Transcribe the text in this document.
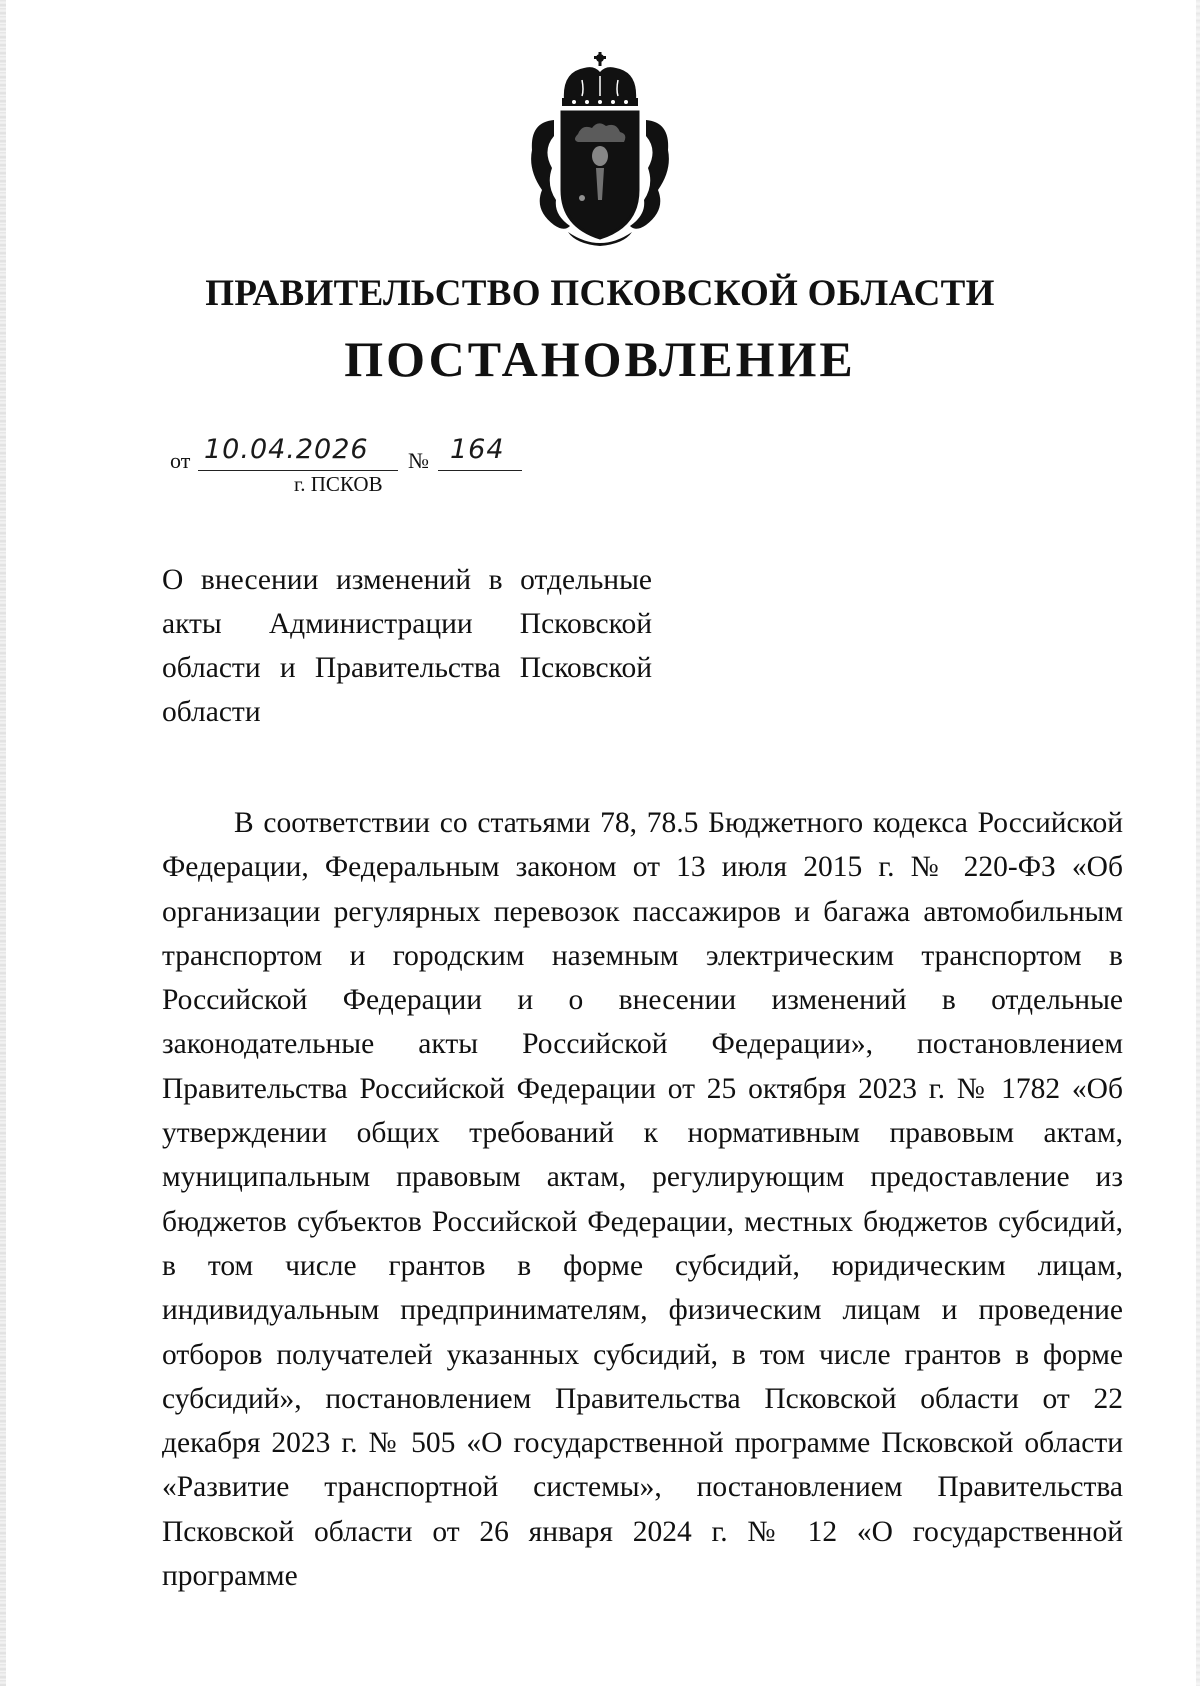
ПРАВИТЕЛЬСТВО ПСКОВСКОЙ ОБЛАСТИ
ПОСТАНОВЛЕНИЕ
от 10.04.2026 № 164
г. ПСКОВ
О внесении изменений в отдельные акты Администрации Псковской области и Правительства Псковской области

В соответствии со статьями 78, 78.5 Бюджетного кодекса Российской Федерации, Федеральным законом от 13 июля 2015 г. № 220-ФЗ «Об организации регулярных перевозок пассажиров и багажа автомобильным транспортом и городским наземным электрическим транспортом в Российской Федерации и о внесении изменений в отдельные законодательные акты Российской Федерации», постановлением Правительства Российской Федерации от 25 октября 2023 г. № 1782 «Об утверждении общих требований к нормативным правовым актам, муниципальным правовым актам, регулирующим предоставление из бюджетов субъектов Российской Федерации, местных бюджетов субсидий, в том числе грантов в форме субсидий, юридическим лицам, индивидуальным предпринимателям, физическим лицам и проведение отборов получателей указанных субсидий, в том числе грантов в форме субсидий», постановлением Правительства Псковской области от 22 декабря 2023 г. № 505 «О государственной программе Псковской области «Развитие транспортной системы», постановлением Правительства Псковской области от 26 января 2024 г. № 12 «О государственной программе
